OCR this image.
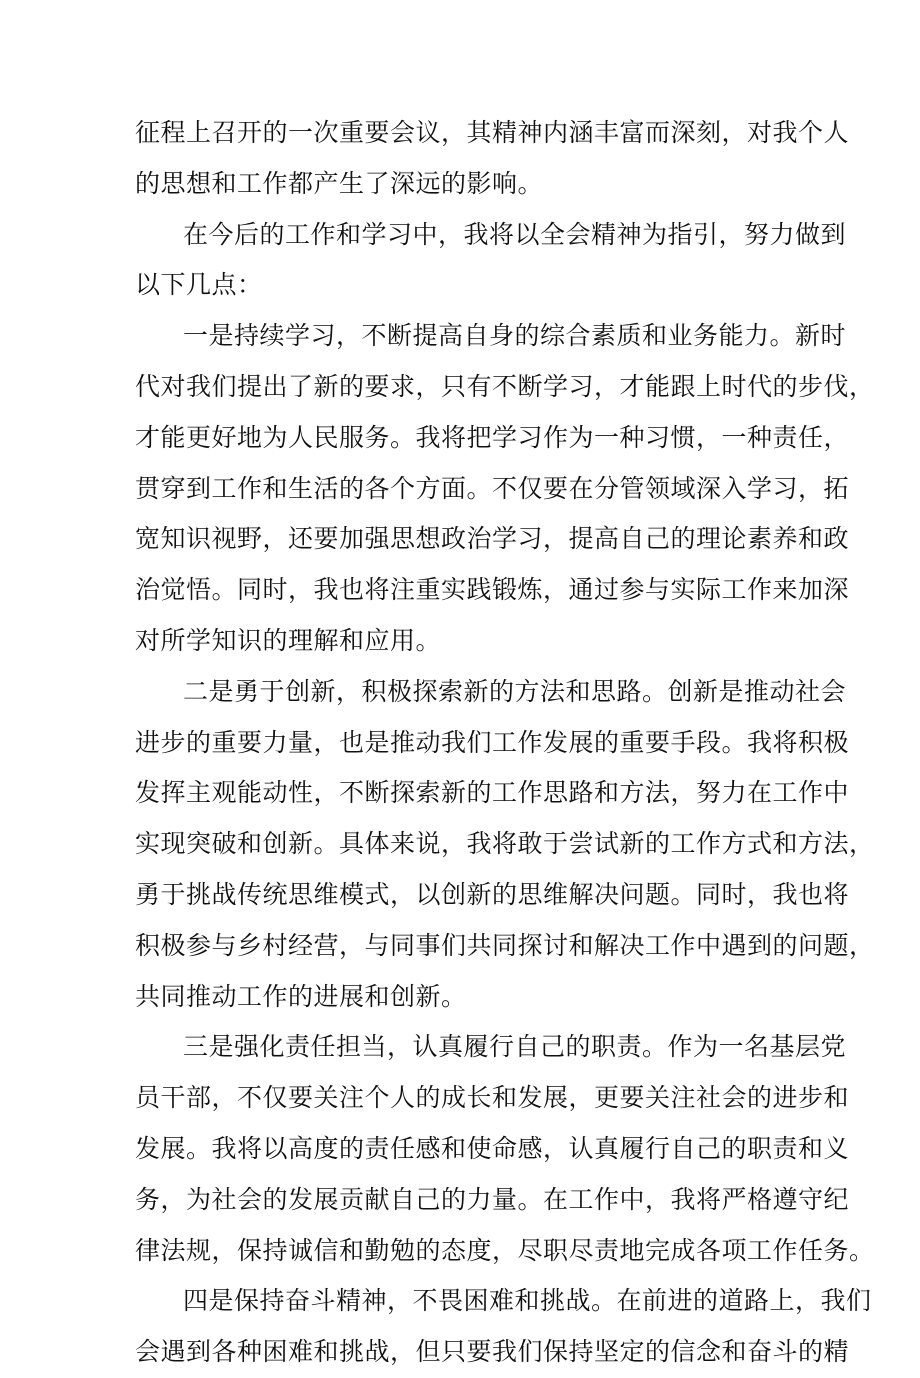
征程上召开的一次重要会议，其精神内涵丰富而深刻，对我个人
的思想和工作都产生了深远的影响。
在今后的工作和学习中，我将以全会精神为指引，努力做到
以下几点：
一是持续学习，不断提高自身的综合素质和业务能力。新时
代对我们提出了新的要求，只有不断学习，才能跟上时代的步伐，
才能更好地为人民服务。我将把学习作为一种习惯，一种责任，
贯穿到工作和生活的各个方面。不仅要在分管领域深入学习，拓
宽知识视野，还要加强思想政治学习，提高自己的理论素养和政
治觉悟。同时，我也将注重实践锻炼，通过参与实际工作来加深
对所学知识的理解和应用。
二是勇于创新，积极探索新的方法和思路。创新是推动社会
进步的重要力量，也是推动我们工作发展的重要手段。我将积极
发挥主观能动性，不断探索新的工作思路和方法，努力在工作中
实现突破和创新。具体来说，我将敢于尝试新的工作方式和方法，
勇于挑战传统思维模式，以创新的思维解决问题。同时，我也将
积极参与乡村经营，与同事们共同探讨和解决工作中遇到的问题，
共同推动工作的进展和创新。
三是强化责任担当，认真履行自己的职责。作为一名基层党
员干部，不仅要关注个人的成长和发展，更要关注社会的进步和
发展。我将以高度的责任感和使命感，认真履行自己的职责和义
务，为社会的发展贡献自己的力量。在工作中，我将严格遵守纪
律法规，保持诚信和勤勉的态度，尽职尽责地完成各项工作任务。
四是保持奋斗精神，不畏困难和挑战。在前进的道路上，我们
会遇到各种困难和挑战，但只要我们保持坚定的信念和奋斗的精
